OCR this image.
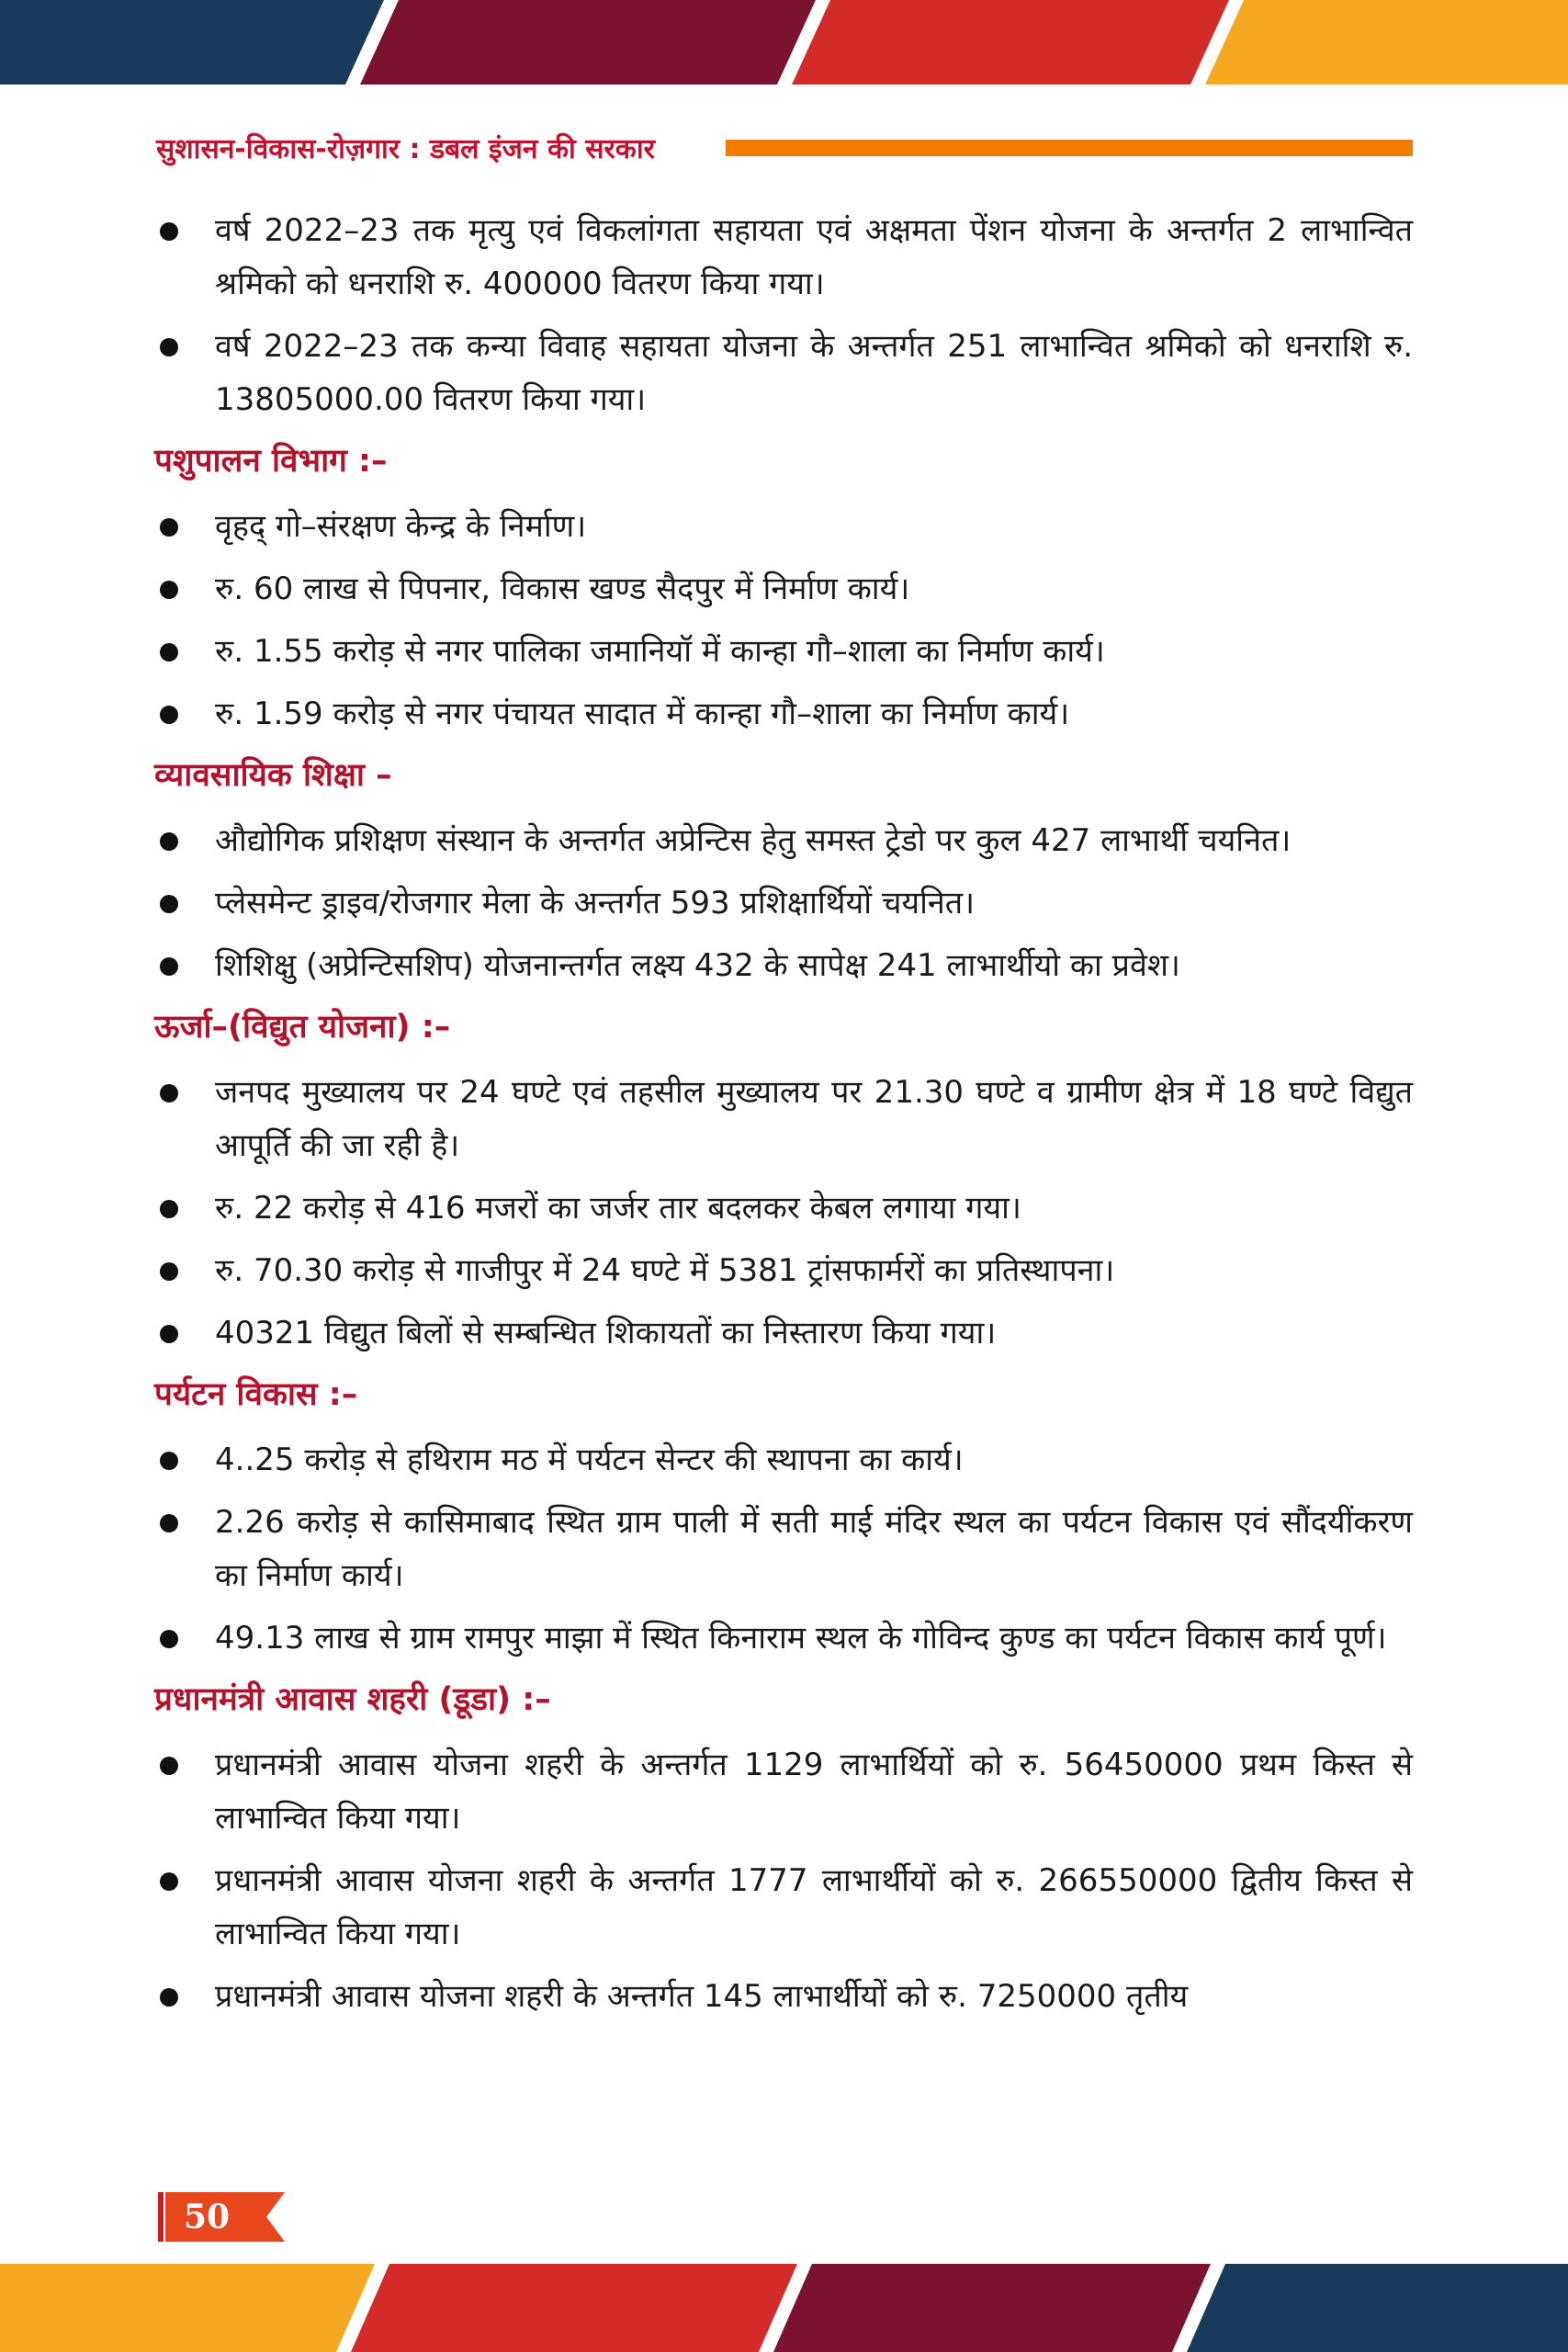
सुशासन-विकास-रोज़गार : डबल इंजन की सरकार
वर्ष 2022–23 तक मृत्यु एवं विकलांगता सहायता एवं अक्षमता पेंशन योजना के अन्तर्गत 2 लाभान्वित श्रमिको को धनराशि रु. 400000 वितरण किया गया।
वर्ष 2022–23 तक कन्या विवाह सहायता योजना के अन्तर्गत 251 लाभान्वित श्रमिको को धनराशि रु. 13805000.00 वितरण किया गया।
पशुपालन विभाग :–
वृहद् गो–संरक्षण केन्द्र के निर्माण।
रु. 60 लाख से पिपनार, विकास खण्ड सैदपुर में निर्माण कार्य।
रु. 1.55 करोड़ से नगर पालिका जमानियॉ में कान्हा गौ–शाला का निर्माण कार्य।
रु. 1.59 करोड़ से नगर पंचायत सादात में कान्हा गौ–शाला का निर्माण कार्य।
व्यावसायिक शिक्षा –
औद्योगिक प्रशिक्षण संस्थान के अन्तर्गत अप्रेन्टिस हेतु समस्त ट्रेडो पर कुल 427 लाभार्थी चयनित।
प्लेसमेन्ट ड्राइव/रोजगार मेला के अन्तर्गत 593 प्रशिक्षार्थियों चयनित।
शिशिक्षु (अप्रेन्टिसशिप) योजनान्तर्गत लक्ष्य 432 के सापेक्ष 241 लाभार्थीयो का प्रवेश।
ऊर्जा–(विद्युत योजना) :–
जनपद मुख्यालय पर 24 घण्टे एवं तहसील मुख्यालय पर 21.30 घण्टे व ग्रामीण क्षेत्र में 18 घण्टे विद्युत आपूर्ति की जा रही है।
रु. 22 करोड़ से 416 मजरों का जर्जर तार बदलकर केबल लगाया गया।
रु. 70.30 करोड़ से गाजीपुर में 24 घण्टे में 5381 ट्रांसफार्मरों का प्रतिस्थापना।
40321 विद्युत बिलों से सम्बन्धित शिकायतों का निस्तारण किया गया।
पर्यटन विकास :–
4..25 करोड़ से हथिराम मठ में पर्यटन सेन्टर की स्थापना का कार्य।
2.26 करोड़ से कासिमाबाद स्थित ग्राम पाली में सती माई मंदिर स्थल का पर्यटन विकास एवं सौंदयींकरण का निर्माण कार्य।
49.13 लाख से ग्राम रामपुर माझा में स्थित किनाराम स्थल के गोविन्द कुण्ड का पर्यटन विकास कार्य पूर्ण।
प्रधानमंत्री आवास शहरी (डूडा) :–
प्रधानमंत्री आवास योजना शहरी के अन्तर्गत 1129 लाभार्थियों को रु. 56450000 प्रथम किस्त से लाभान्वित किया गया।
प्रधानमंत्री आवास योजना शहरी के अन्तर्गत 1777 लाभार्थीयों को रु. 266550000 द्वितीय किस्त से लाभान्वित किया गया।
प्रधानमंत्री आवास योजना शहरी के अन्तर्गत 145 लाभार्थीयों को रु. 7250000 तृतीय
50
